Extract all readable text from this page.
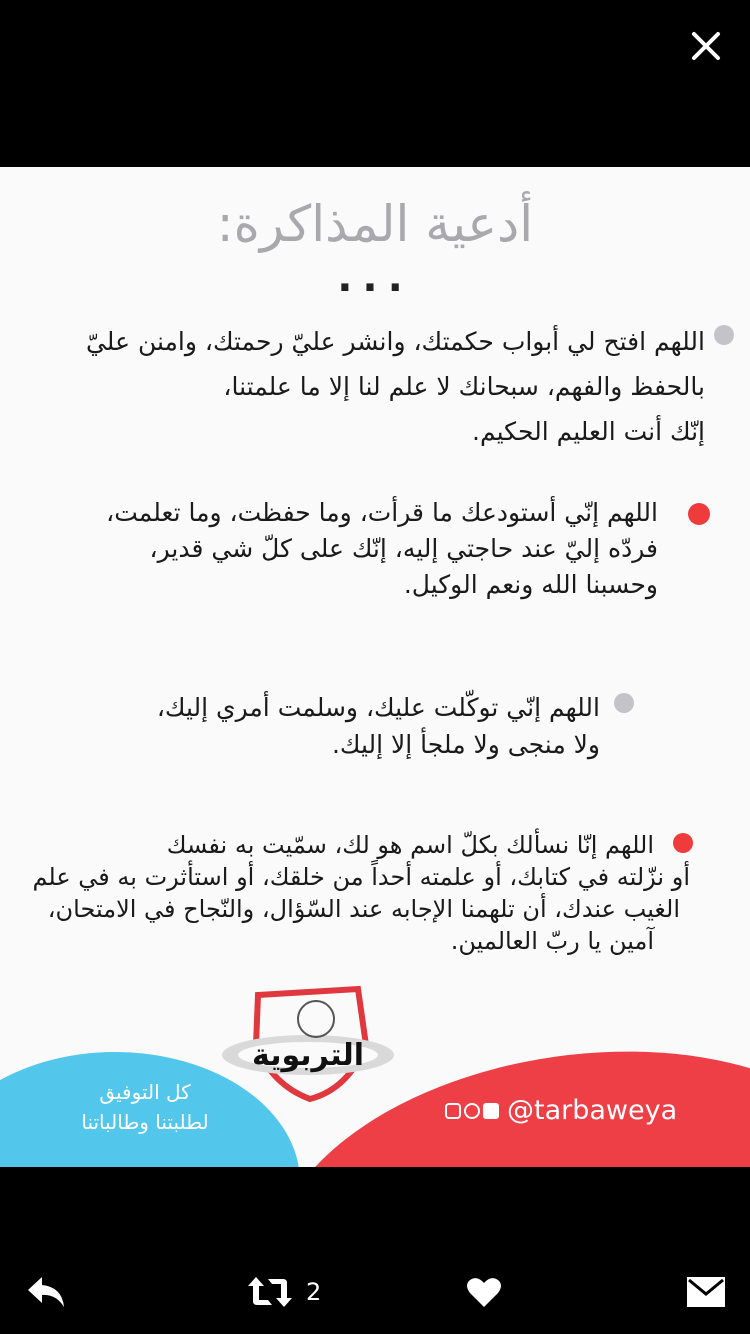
أدعية المذاكرة:
...
اللهم افتح لي أبواب حكمتك، وانشر عليّ رحمتك، وامنن عليّ
بالحفظ والفهم، سبحانك لا علم لنا إلا ما علمتنا،
إنّك أنت العليم الحكيم.
اللهم إنّي أستودعك ما قرأت، وما حفظت، وما تعلمت،
فردّه إليّ عند حاجتي إليه، إنّك على كلّ شي قدير،
وحسبنا الله ونعم الوكيل.
اللهم إنّي توكّلت عليك، وسلمت أمري إليك،
ولا منجى ولا ملجأ إلا إليك.
اللهم إنّا نسألك بكلّ اسم هو لك، سمّيت به نفسك
أو نزّلته في كتابك، أو علمته أحداً من خلقك، أو استأثرت به في علم
الغيب عندك، أن تلهمنا الإجابه عند السّؤال، والنّجاح في الامتحان،
آمين يا ربّ العالمين.
التربوية
كل التوفيق
لطلبتنا وطالباتنا	@tarbaweya
2
